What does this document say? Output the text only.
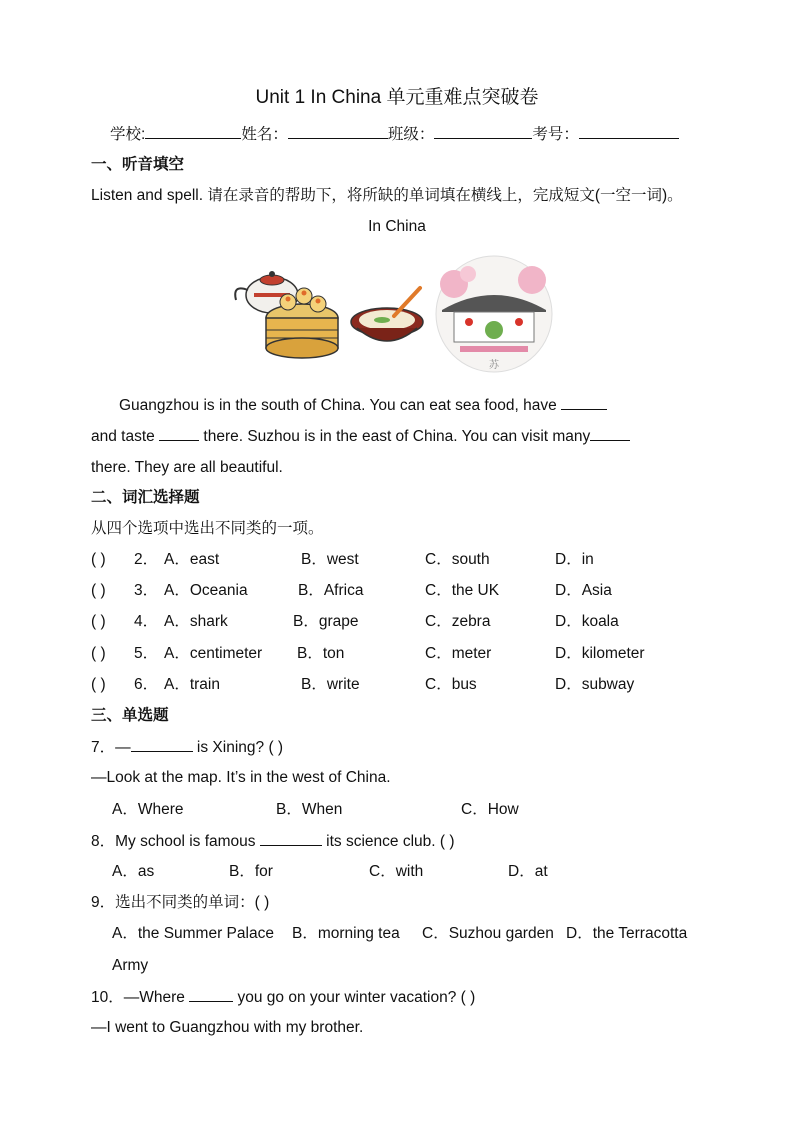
Unit 1 In China 单元重难点突破卷
学校:	姓名：	班级：	考号：
一、听音填空
Listen and spell. 请在录音的帮助下，将所缺的单词填在横线上，完成短文(一空一词)。
In China
苏
Guangzhou is in the south of China. You can eat sea food, have
and taste	there. Suzhou is in the east of China. You can visit many
there. They are all beautiful.
二、词汇选择题
从四个选项中选出不同类的一项。
( ) 2． A．east	B．west	C．south	D．in
( ) 3． A．Oceania	B．Africa	C．the UK	D．Asia
( ) 4． A．shark	B．grape	C．zebra	D．koala
( ) 5． A．centimeter B．ton	C．meter	D．kilometer
( ) 6． A．train	B．write	C．bus	D．subway
三、单选题
7．—	is Xining? ( )
—Look at the map. It’s in the west of China.
A．Where	B．When	C．How
8．My school is famous	its science club. ( )
A．as	B．for	C．with	D．at
9．选出不同类的单词：( )
A．the Summer Palace B．morning tea C．Suzhou garden D．the Terracotta
Army
10．—Where	you go on your winter vacation? ( )
—I went to Guangzhou with my brother.
